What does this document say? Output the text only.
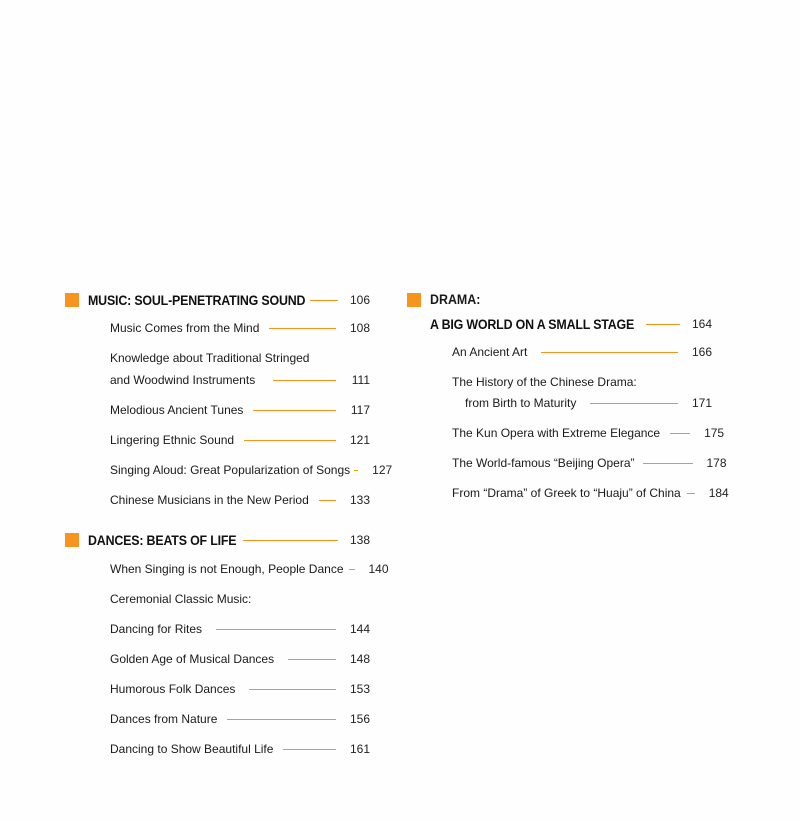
MUSIC: SOUL-PENETRATING SOUND	106
Music Comes from the Mind	108
Knowledge about Traditional Stringed
and Woodwind Instruments	111
Melodious Ancient Tunes	117
Lingering Ethnic Sound	121
Singing Aloud: Great Popularization of Songs 127
Chinese Musicians in the New Period	133
DANCES: BEATS OF LIFE	138
When Singing is not Enough, People Dance 140
Ceremonial Classic Music:
Dancing for Rites	144
Golden Age of Musical Dances	148
Humorous Folk Dances	153
Dances from Nature	156
Dancing to Show Beautiful Life	161
DRAMA:
A BIG WORLD ON A SMALL STAGE	164
An Ancient Art	166
The History of the Chinese Drama:
from Birth to Maturity	171
The Kun Opera with Extreme Elegance	175
The World-famous “Beijing Opera”	178
From “Drama” of Greek to “Huaju” of China 184
